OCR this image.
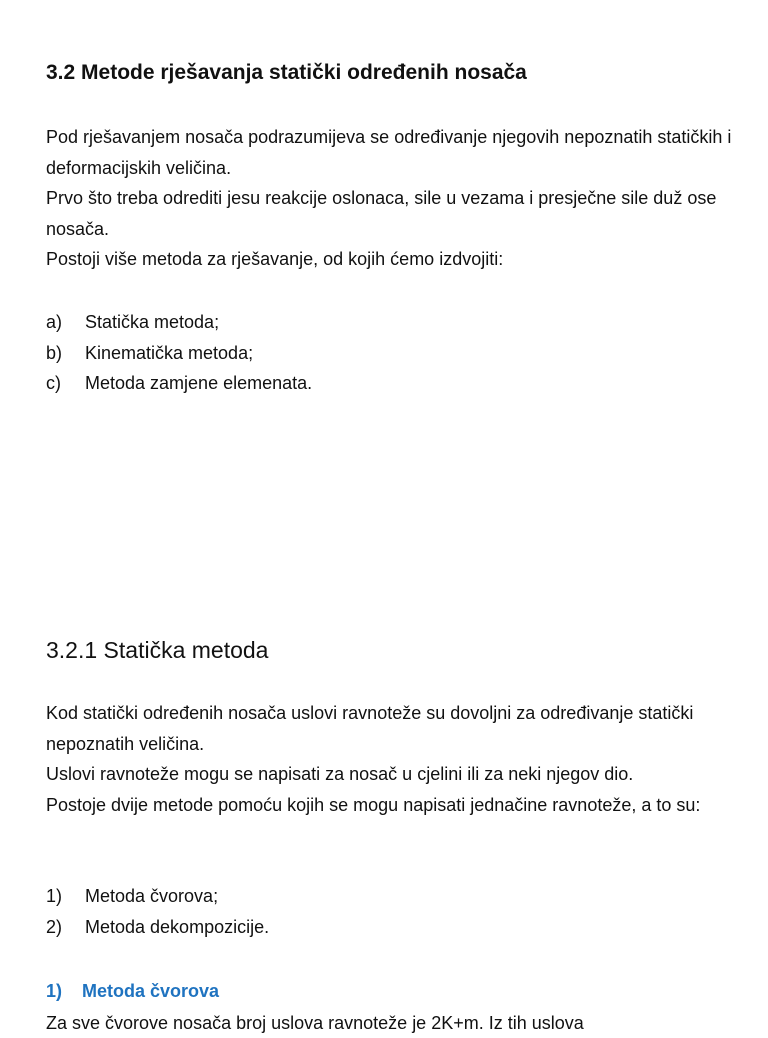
3.2 Metode rješavanja statički određenih nosača

Pod rješavanjem nosača podrazumijeva se određivanje njegovih nepoznatih statičkih i deformacijskih veličina.

Prvo što treba odrediti jesu reakcije oslonaca, sile u vezama i presječne sile duž ose nosača.

Postoji više metoda za rješavanje, od kojih ćemo izdvojiti:

a)	Statička metoda;
b)	Kinematička metoda;
c)	Metoda zamjene elemenata.
3.2.1 Statička metoda

Kod statički određenih nosača uslovi ravnoteže su dovoljni za određivanje statički nepoznatih veličina.

Uslovi ravnoteže mogu se napisati za nosač u cjelini ili za neki njegov dio.

Postoje dvije metode pomoću kojih se mogu napisati jednačine ravnoteže, a to su:

1)	Metoda čvorova;
2)	Metoda dekompozicije.
1)	Metoda čvorova

Za sve čvorove nosača broj uslova ravnoteže je 2K+m. Iz tih uslova
